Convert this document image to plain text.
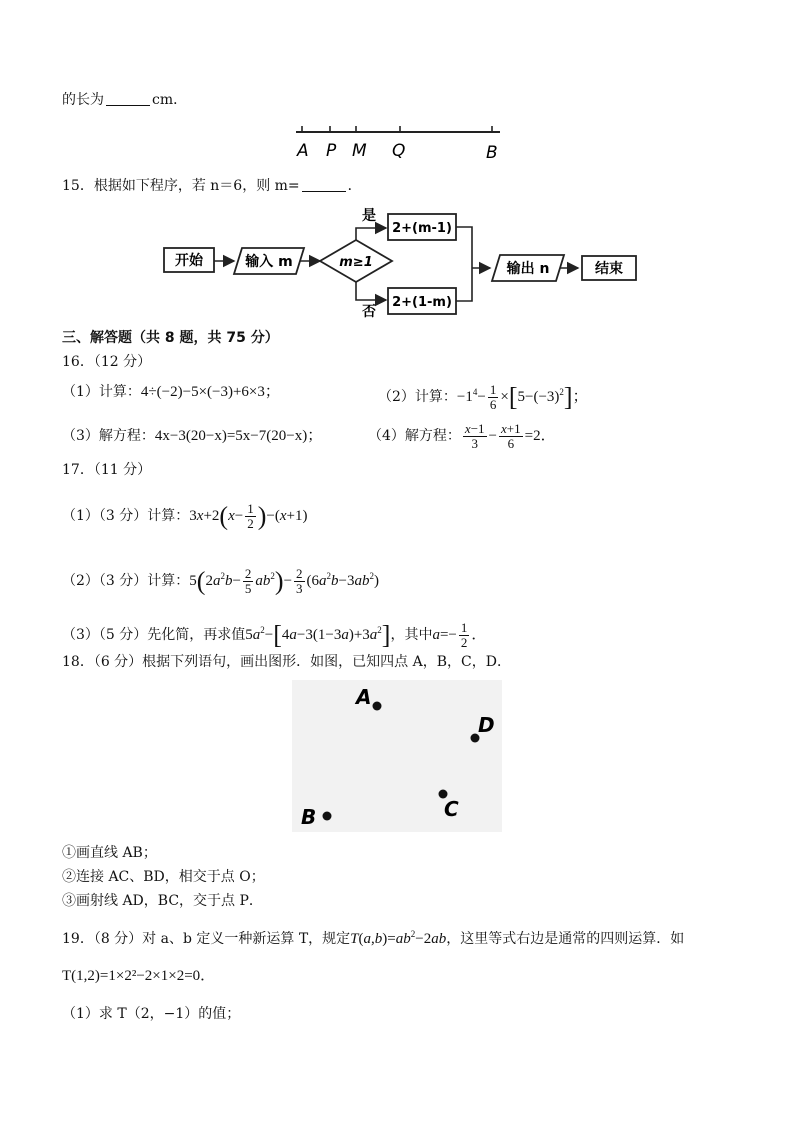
的长为	cm．
A P M Q	B
15．根据如下程序，若 n＝6，则 m=	．
开始	输入 m	m≥1
是
2+(m-1)
否
2+(1-m)
输出 n	结束
三、解答题（共 8 题，共 75 分）
16．（12 分）
（1）计算：4÷(−2)−5×(−3)+6×3；	（2）计算：$-1^4- \frac{1}{6} \times[5-(-3)^2]$；
（3）解方程：4x−3(20−x)=5x−7(20−x)；	（4）解方程： $\frac{x-1}{3} - \frac{x+1}{6} =2$．
17．（11 分）
（1）（3 分）计算：$3x+2(x- \frac{1}{2} )-(x+1)$
（2）（3 分）计算：$5(2a^2b- \frac{2}{5} ab^2)- \frac{2}{3} (6a^2b-3ab^2)$
（3）（5 分）先化简，再求值$5a^2-[4a-3(1-3a)+3a^2]$，其中$a=- \frac{1}{2}$ ．
18．（6 分）根据下列语句，画出图形．如图，已知四点 A，B，C，D．
A
D
B	C
①画直线 AB；
②连接 AC、BD，相交于点 O；
③画射线 AD，BC，交于点 P．
19．（8 分）对 a、b 定义一种新运算 T，规定$T(a,b)=ab^2-2ab$，这里等式右边是通常的四则运算．如
T(1,2)=1×2²−2×1×2=0．
（1）求 T（2，−1）的值；
